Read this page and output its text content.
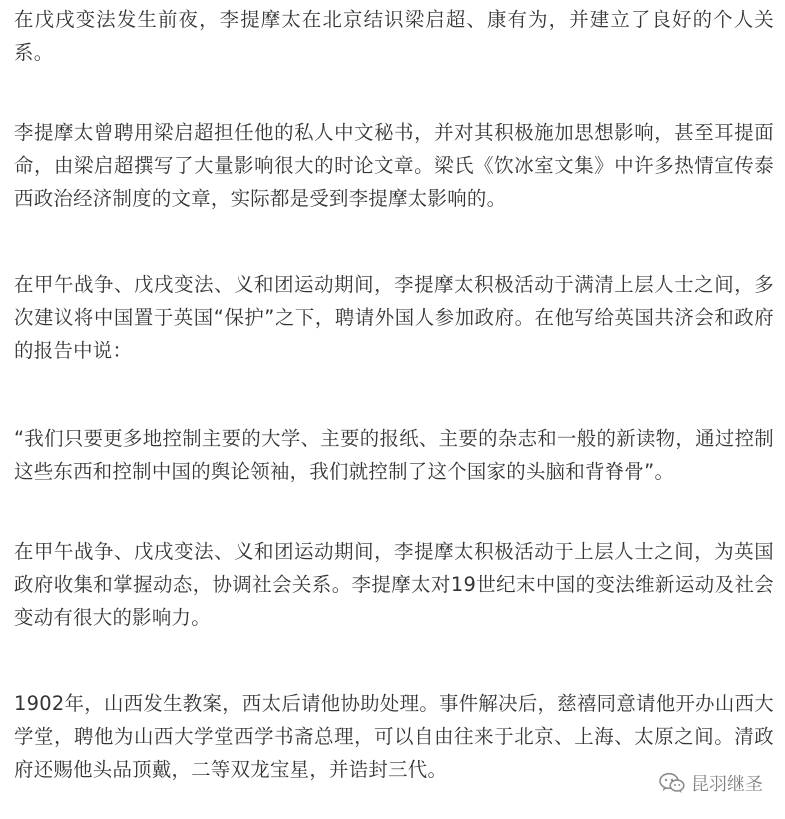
在戊戌变法发生前夜，李提摩太在北京结识梁启超、康有为，并建立了良好的个人关系。

李提摩太曾聘用梁启超担任他的私人中文秘书，并对其积极施加思想影响，甚至耳提面命，由梁启超撰写了大量影响很大的时论文章。梁氏《饮冰室文集》中许多热情宣传泰西政治经济制度的文章，实际都是受到李提摩太影响的。

在甲午战争、戊戌变法、义和团运动期间，李提摩太积极活动于满清上层人士之间，多次建议将中国置于英国“保护”之下，聘请外国人参加政府。在他写给英国共济会和政府的报告中说：

“我们只要更多地控制主要的大学、主要的报纸、主要的杂志和一般的新读物，通过控制这些东西和控制中国的舆论领袖，我们就控制了这个国家的头脑和背脊骨”。

在甲午战争、戊戌变法、义和团运动期间，李提摩太积极活动于上层人士之间，为英国政府收集和掌握动态，协调社会关系。李提摩太对19世纪末中国的变法维新运动及社会变动有很大的影响力。

1902年，山西发生教案，西太后请他协助处理。事件解决后，慈禧同意请他开办山西大学堂，聘他为山西大学堂西学书斋总理，可以自由往来于北京、上海、太原之间。清政府还赐他头品顶戴，二等双龙宝星，并诰封三代。

昆羽继圣
